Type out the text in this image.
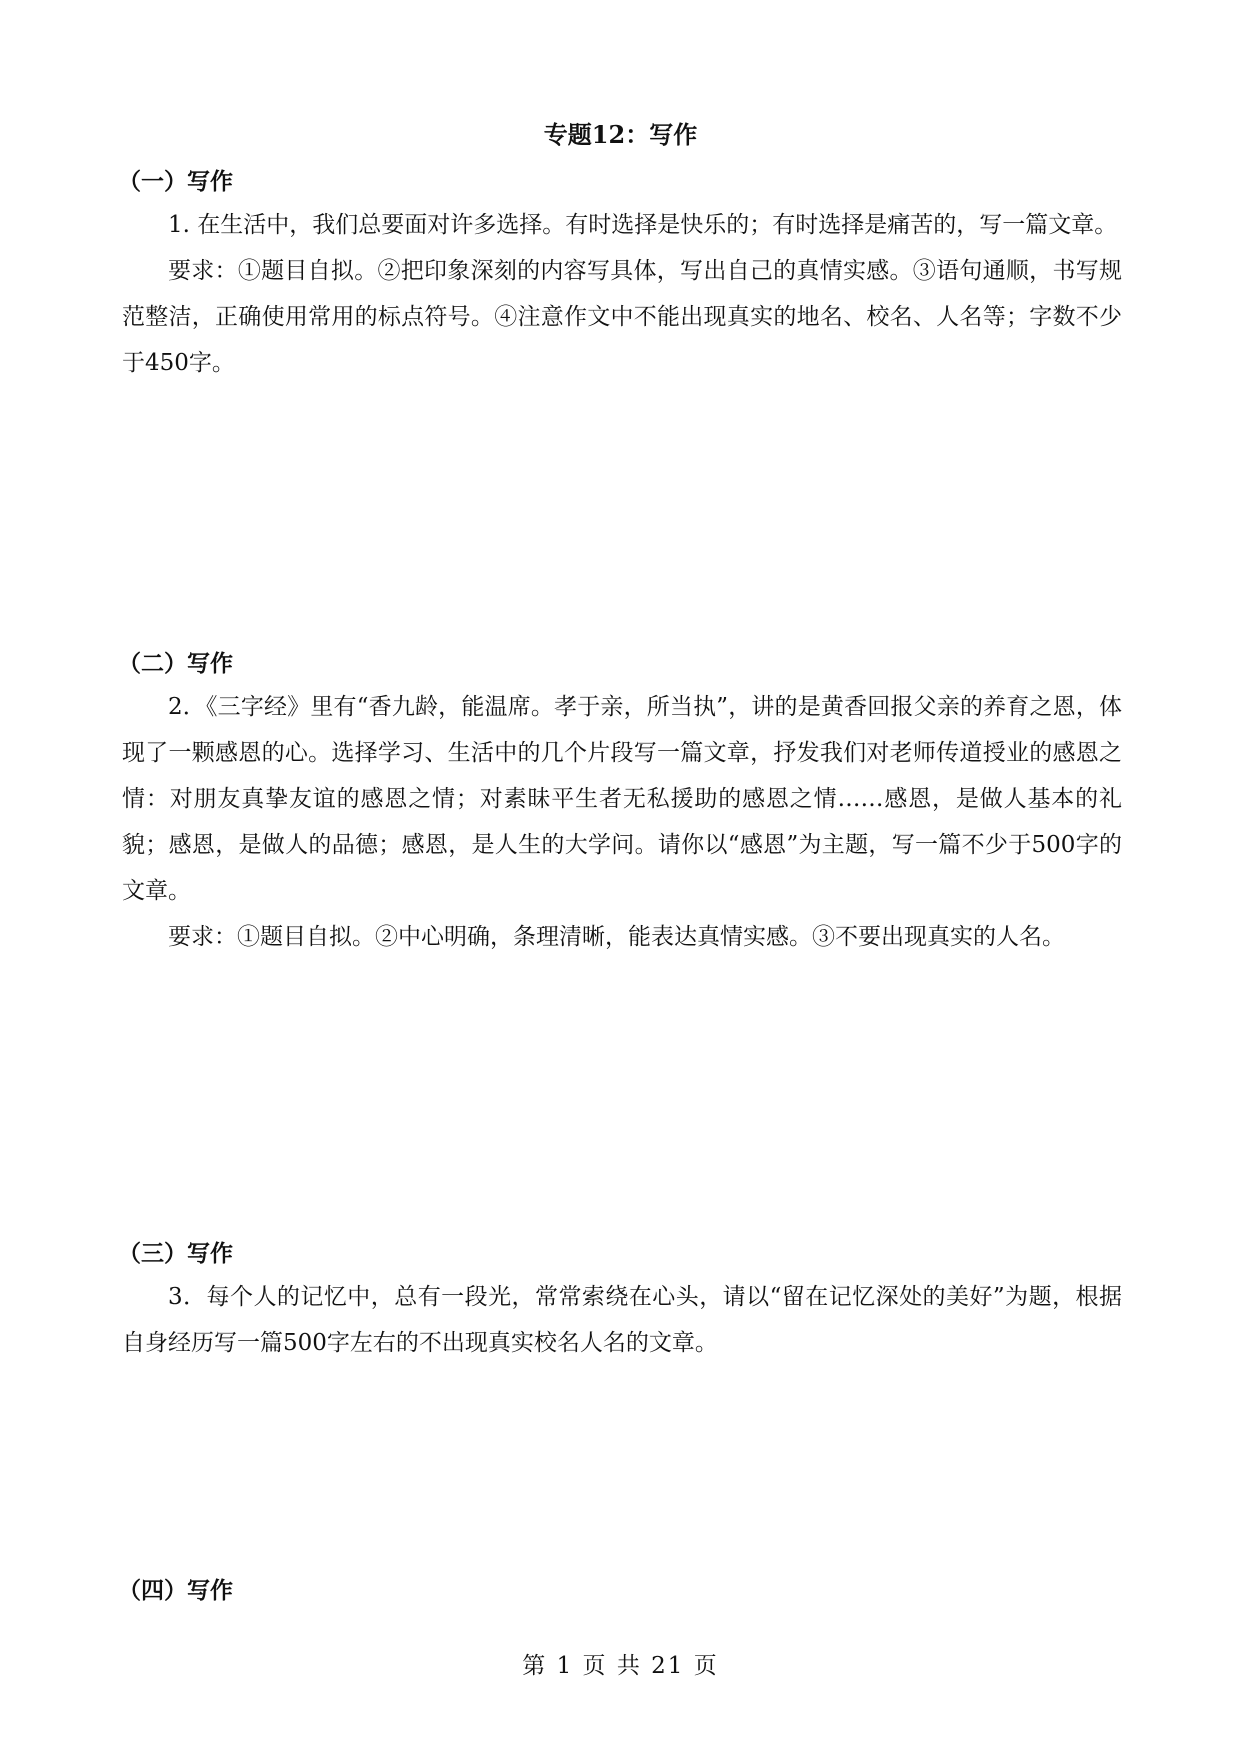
专题12：写作
（一）写作

1. 在生活中，我们总要面对许多选择。有时选择是快乐的；有时选择是痛苦的，写一篇文章。

要求：①题目自拟。②把印象深刻的内容写具体，写出自己的真情实感。③语句通顺，书写规范整洁，正确使用常用的标点符号。④注意作文中不能出现真实的地名、校名、人名等；字数不少于450字。

（二）写作

2．《三字经》里有“香九龄，能温席。孝于亲，所当执”，讲的是黄香回报父亲的养育之恩，体现了一颗感恩的心。选择学习、生活中的几个片段写一篇文章，抒发我们对老师传道授业的感恩之情：对朋友真挚友谊的感恩之情；对素昧平生者无私援助的感恩之情……感恩，是做人基本的礼貌；感恩，是做人的品德；感恩，是人生的大学问。请你以“感恩”为主题，写一篇不少于500字的文章。

要求：①题目自拟。②中心明确，条理清晰，能表达真情实感。③不要出现真实的人名。

（三）写作

3．每个人的记忆中，总有一段光，常常索绕在心头，请以“留在记忆深处的美好”为题，根据自身经历写一篇500字左右的不出现真实校名人名的文章。

（四）写作

第 1 页 共 21 页
